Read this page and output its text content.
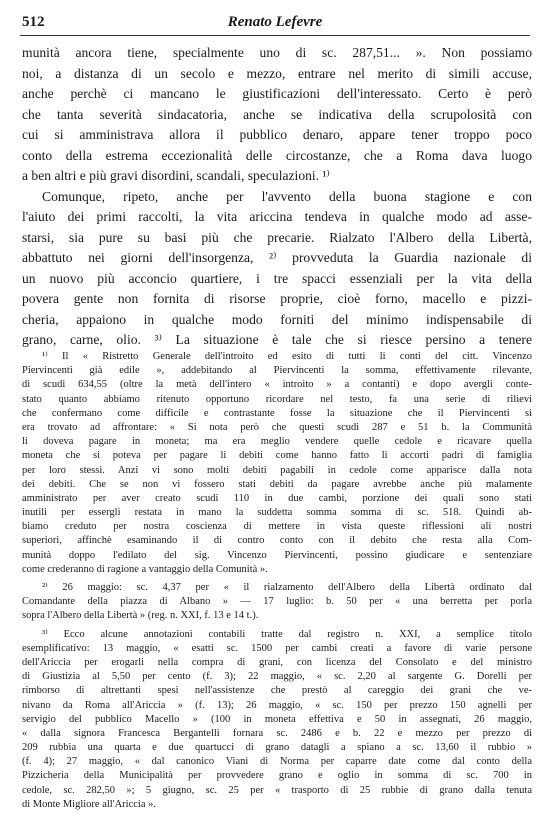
512	Renato Lefevre
munità ancora tiene, specialmente uno di sc. 287,51... ». Non possiamo
noi, a distanza di un secolo e mezzo, entrare nel merito di simili accuse,
anche perchè ci mancano le giustificazioni dell'interessato. Certo è però
che tanta severità sindacatoria, anche se indicativa della scrupolosità con
cui si amministrava allora il pubblico denaro, appare tener troppo poco
conto della estrema eccezionalità delle circostanze, che a Roma dava luogo
a ben altri e più gravi disordini, scandali, speculazioni. ¹⁾
Comunque, ripeto, anche per l'avvento della buona stagione e con
l'aiuto dei primi raccolti, la vita ariccina tendeva in qualche modo ad asse-
starsi, sia pure su basi più che precarie. Rialzato l'Albero della Libertà,
abbattuto nei giorni dell'insorgenza, ²⁾ provveduta la Guardia nazionale di
un nuovo più acconcio quartiere, i tre spacci essenziali per la vita della
povera gente non fornita di risorse proprie, cioè forno, macello e pizzi-
cheria, appaiono in qualche modo forniti del minimo indispensabile di
grano, carne, olio. ³⁾ La situazione è tale che si riesce persino a tenere
¹⁾ Il « Ristretto Generale dell'introito ed esito di tutti li conti del citt. Vincenzo
Piervincenti già edile », addebitando al Piervincenti la somma, effettivamente rilevante,
di scudi 634,55 (oltre la metà dell'intero « introito » a contanti) e dopo avergli conte-
stato quanto abbiamo ritenuto opportuno ricordare nel testo, fa una serie di rilievi
che confermano come difficile e contrastante fosse la situazione che il Piervincenti si
era trovato ad affrontare: « Si nota però che questi scudi 287 e 51 b. la Communità
li doveva pagare in moneta; ma era meglio vendere quelle cedole e ricavare quella
moneta che si poteva per pagare li debiti come hanno fatto li accorti padri di famiglia
per loro stessi. Anzi vi sono molti debiti pagabili in cedole come apparisce dalla nota
dei debiti. Che se non vi fossero stati debiti da pagare avrebbe anche più malamente
amministrato per aver creato scudi 110 in due cambi, porzione dei quali sono stati
inutili per essergli restata in mano la suddetta somma somma di sc. 518. Quindi ab-
biamo creduto per nostra coscienza di mettere in vista queste riflessioni ali nostri
superiori, affinchè esaminando il di contro conto con il debito che resta alla Com-
munità doppo l'edilato del sig. Vincenzo Piervincenti, possino giudicare e sentenziare
come crederanno di ragione a vantaggio della Comunità ».
²⁾ 26 maggio: sc. 4,37 per « il rialzamento dell'Albero della Libertà ordinato dal
Comandante della piazza di Albano » — 17 luglio: b. 50 per « una berretta per porla
sopra l'Albero della Libertà » (reg. n. XXI, f. 13 e 14 t.).
³⁾ Ecco alcune annotazioni contabili tratte dal registro n. XXI, a semplice titolo
esemplificativo: 13 maggio, « esatti sc. 1500 per cambi creati a favore di varie persone
dell'Ariccia per erogarli nella compra di grani, con licenza del Consolato e del ministro
di Giustizia al 5,50 per cento (f. 3); 22 maggio, « sc. 2,20 al sargente G. Dorelli per
rimborso di altrettanti spesi nell'assistenze che prestò al careggio dei grani che ve-
nivano da Roma all'Ariccia » (f. 13); 26 maggio, « sc. 150 per prezzo 150 agnelli per
servigio del pubblico Macello » (100 in moneta effettiva e 50 in assegnati, 26 maggio,
« dalla signora Francesca Bergantelli fornara sc. 2486 e b. 22 e mezzo per prezzo di
209 rubbia una quarta e due quartucci di grano datagli a spiano a sc. 13,60 il rubbio »
(f. 4); 27 maggio, « dal canonico Viani di Norma per caparre date come dal conto della
Pizzicheria della Municipalità per provvedere grano e oglio in somma di sc. 700 in
cedole, sc. 282,50 »; 5 giugno, sc. 25 per « trasporto di 25 rubbie di grano dalla tenuta
di Monte Migliore all'Ariccia ».
